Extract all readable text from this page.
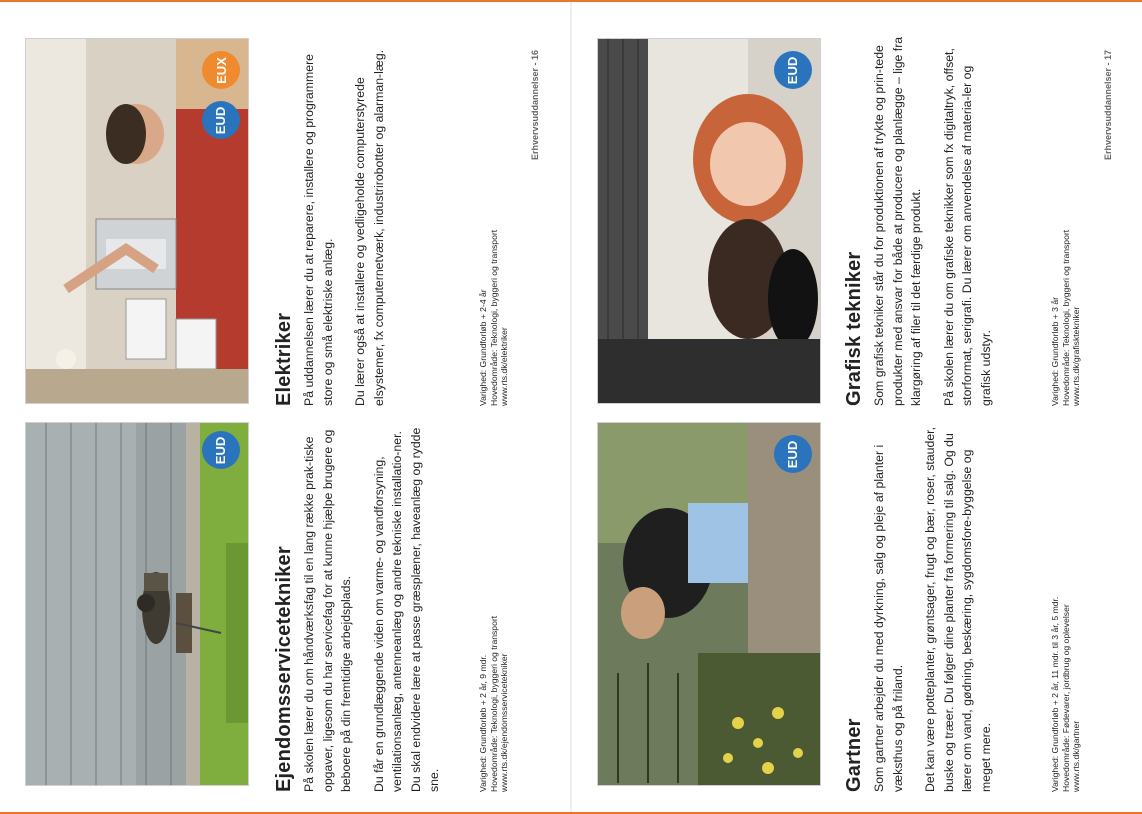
EUD
Ejendomsservicetekniker På skolen lærer du om håndværksfag til en lang række prak-tiske opgaver, ligesom du har servicefag for at kunne hjælpe brugere og beboere på din fremtidige arbejdsplads. Du får en grundlæggende viden om varme- og vandforsyning, ventilationsanlæg, antenneanlæg og andre tekniske installatio-ner. Du skal endvidere lære at passe græsplæner, haveanlæg og rydde sne.	Varighed: Grundforløb + 2 år, 9 mdr. Hovedområde: Teknologi, byggeri og transport www.rts.dk/ejendomsservicetekniker
EUX
EUD
Elektriker På uddannelsen lærer du at reparere, installere og programmere store og små elektriske anlæg. Du lærer også at installere og vedligeholde computerstyrede elsystemer, fx computernetværk, industrirobotter og alarman-læg.	Varighed: Grundforløb + 2-4 år Hovedområde: Teknologi, byggeri og transport www.rts.dk/elektriker
Erhvervsuddannelser - 16
EUD
Gartner Som gartner arbejder du med dyrkning, salg og pleje af planter i væksthus og på friland. Det kan være potteplanter, grøntsager, frugt og bær, roser, stauder, buske og træer. Du følger dine planter fra formering til salg. Og du lærer om vand, gødning, beskæring, sygdomsfore-byggelse og meget mere.	Varighed: Grundforløb + 2 år, 11 mdr. til 3 år, 5 mdr. Hovedområde: Fødevarer, jordbrug og oplevelser www.rts.dk/gartner
EUD
Grafisk tekniker Som grafisk tekniker står du for produktionen af trykte og prin-tede produkter med ansvar for både at producere og planlægge – lige fra klargøring af filer til det færdige produkt. På skolen lærer du om grafiske teknikker som fx digitaltryk, offset, storformat, serigrafi. Du lærer om anvendelse af materia-ler og grafisk udstyr.	Varighed: Grundforløb + 3 år Hovedområde: Teknologi, byggeri og transport www.rts.dk/grafisktekniker
Erhvervsuddannelser - 17
